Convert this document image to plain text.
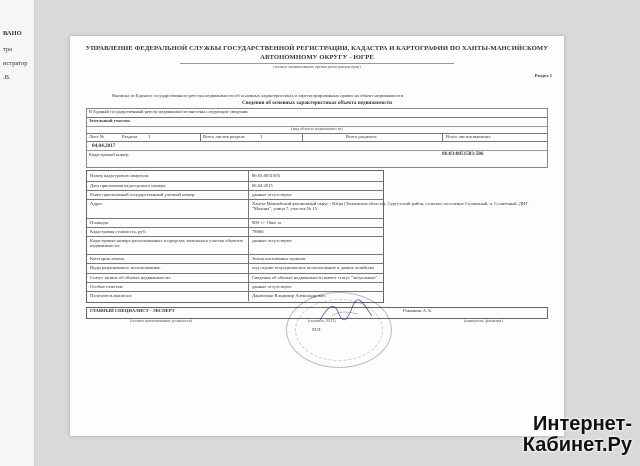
ВАНО
тра
истратор
.В.
УПРАВЛЕНИЕ ФЕДЕРАЛЬНОЙ СЛУЖБЫ ГОСУДАРСТВЕННОЙ РЕГИСТРАЦИИ, КАДАСТРА И КАРТОГРАФИИ ПО ХАНТЫ-МАНСИЙСКОМУ
АВТОНОМНОМУ ОКРУГУ - ЮГРЕ
(полное наименование органа регистрации прав)
Раздел 1
Выписка из Единого государственного реестра недвижимости об основных характеристиках и зарегистрированных правах на объект недвижимости
Сведения об основных характеристиках объекта недвижимости
В Единый государственный реестр недвижимости внесены следующие сведения:
Земельный участок
(вид объекта недвижимости)
Лист №	Раздела 1	Всего листов раздела	1	Всего разделов:	Всего листов выписки:
04.04.2017
Кадастровый номер:	86:03:0051503:586
Номер кадастрового квартала:	86:03:0051503
Дата присвоения кадастрового номера:	06.04.2015
Ранее присвоенный государственный учетный номер:	данные отсутствуют
Адрес:	Ханты-Мансийский автономный округ - Югра (Тюменская область), Сургутский район, сельское поселение Солнечный, п. Солнечный, ДНТ "Малина", улица 7, участок № 15
Площадь:	900 +/- 10кв. м
Кадастровая стоимость, руб.:	78066
Кадастровые номера расположенных в пределах земельного участка объектов недвижимости:
данные отсутствуют
Категория земель:	Земли населённых пунктов
Виды разрешенного использования:	под садово-огородническое использование и дачное хозяйство
Статус записи об объекте недвижимости:	Сведения об объекте недвижимости имеют статус "актуальные"
Особые отметки:	данные отсутствуют
Получатель выписки:	Даниленко Владимир Александрович
ГЛАВНЫЙ СПЕЦИАЛИСТ - ЭКСПЕРТ	Романова А. Б.
(полное наименование должности)	(подпись, М.П.)	(инициалы, фамилия)
М.П.
Интернет-
Кабинет.Ру
